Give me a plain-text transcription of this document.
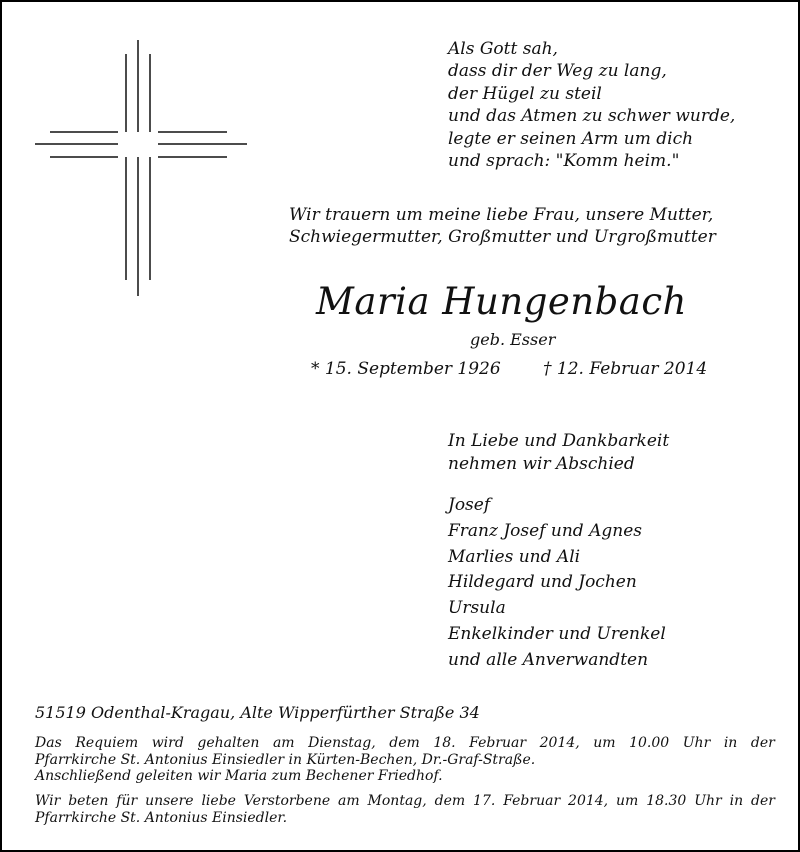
Als Gott sah,
dass dir der Weg zu lang,
der Hügel zu steil
und das Atmen zu schwer wurde,
legte er seinen Arm um dich
und sprach: "Komm heim."
Wir trauern um meine liebe Frau, unsere Mutter,
Schwiegermutter, Großmutter und Urgroßmutter
Maria Hungenbach
geb. Esser
* 15. September 1926 † 12. Februar 2014
In Liebe und Dankbarkeit
nehmen wir Abschied
Josef
Franz Josef und Agnes
Marlies und Ali
Hildegard und Jochen
Ursula
Enkelkinder und Urenkel
und alle Anverwandten
51519 Odenthal-Kragau, Alte Wipperfürther Straße 34
Das Requiem wird gehalten am Dienstag, dem 18. Februar 2014, um 10.00 Uhr in der
Pfarrkirche St. Antonius Einsiedler in Kürten-Bechen, Dr.-Graf-Straße.
Anschließend geleiten wir Maria zum Bechener Friedhof.
Wir beten für unsere liebe Verstorbene am Montag, dem 17. Februar 2014, um 18.30 Uhr in der
Pfarrkirche St. Antonius Einsiedler.
